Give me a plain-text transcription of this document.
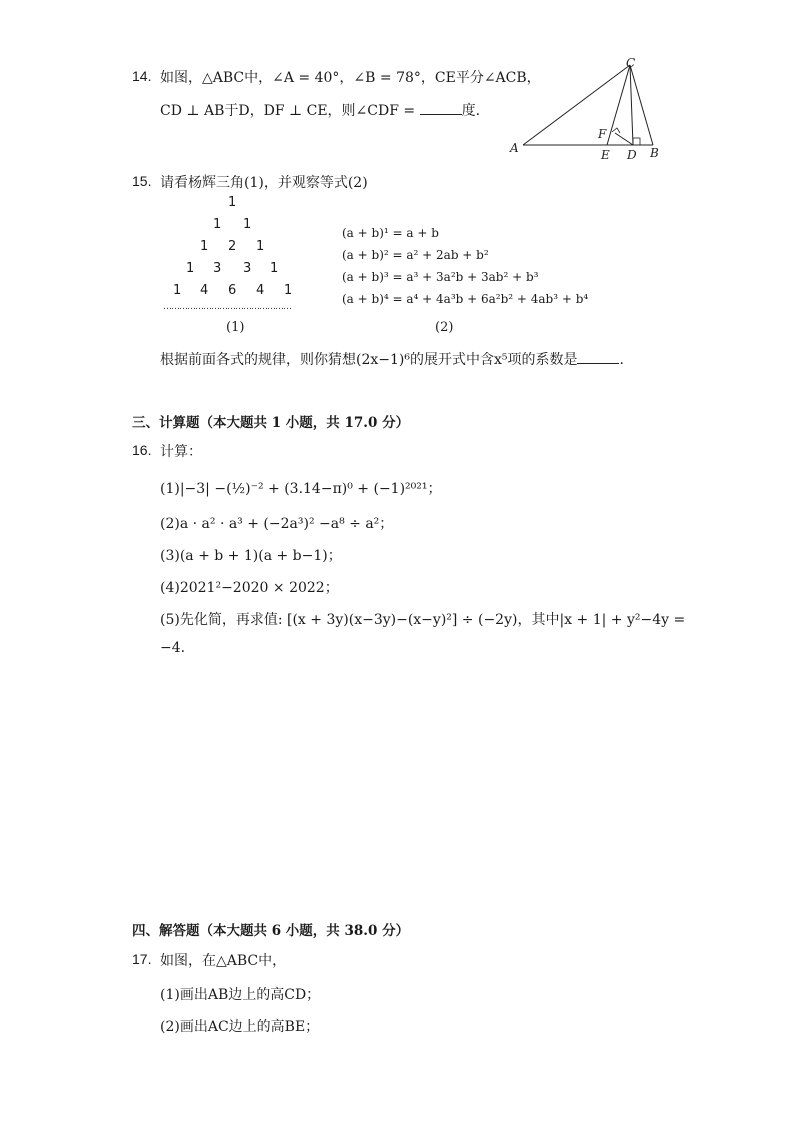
14. 如图，△ABC中，∠A = 40°，∠B = 78°，CE平分∠ACB，
CD ⊥ AB于D，DF ⊥ CE，则∠CDF =	度.
C
A	B
E D
F
15. 请看杨辉三角(1)，并观察等式(2)
1
1 1
1 2 1
1 3 3 1
1 4 6 4 1
…………………………………………
(a + b)¹ = a + b
(a + b)² = a² + 2ab + b²
(a + b)³ = a³ + 3a²b + 3ab² + b³
(a + b)⁴ = a⁴ + 4a³b + 6a²b² + 4ab³ + b⁴
(1)	(2)
根据前面各式的规律，则你猜想(2x−1)⁶的展开式中含x⁵项的系数是	.
三、计算题（本大题共 1 小题，共 17.0 分）
16. 计算：
(1)|−3| −(½)⁻² + (3.14−π)⁰ + (−1)²⁰²¹；
(2)a · a² · a³ + (−2a³)² −a⁸ ÷ a²；
(3)(a + b + 1)(a + b−1)；
(4)2021²−2020 × 2022；
(5)先化简，再求值: [(x + 3y)(x−3y)−(x−y)²] ÷ (−2y)，其中|x + 1| + y²−4y =
−4.
四、解答题（本大题共 6 小题，共 38.0 分）
17. 如图，在△ABC中，
(1)画出AB边上的高CD；
(2)画出AC边上的高BE；
